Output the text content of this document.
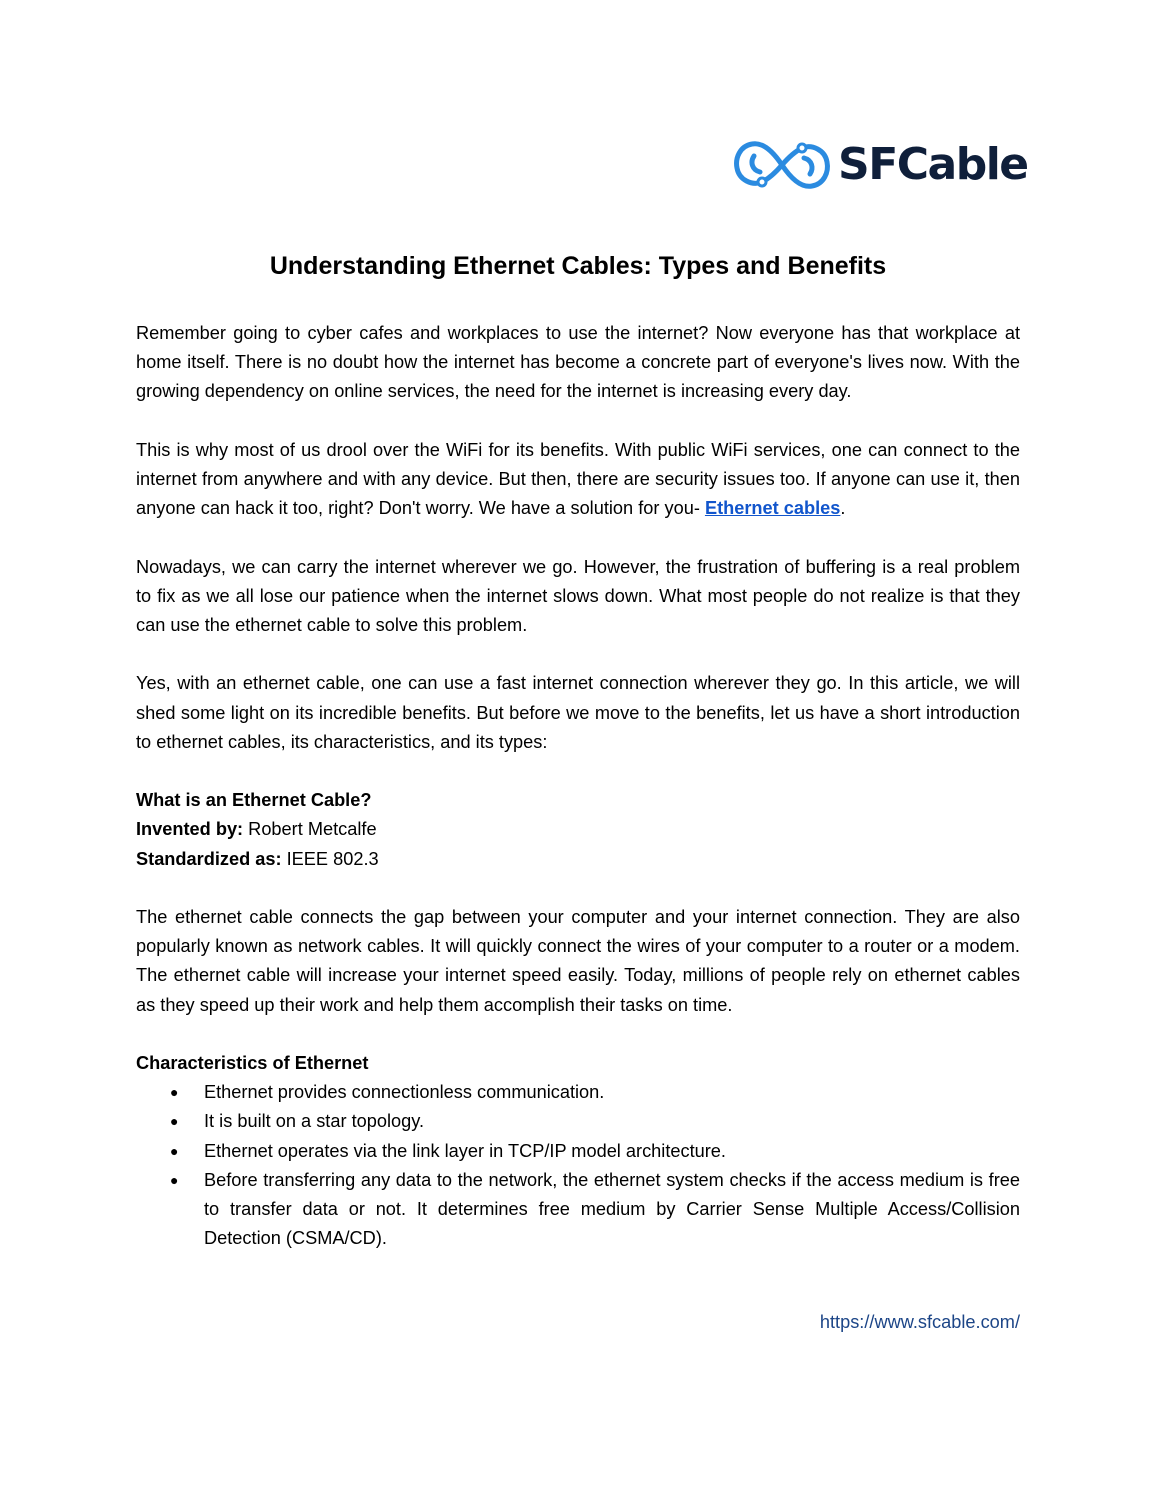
SFCable
Understanding Ethernet Cables: Types and Benefits

Remember going to cyber cafes and workplaces to use the internet? Now everyone has that workplace at home itself. There is no doubt how the internet has become a concrete part of everyone's lives now. With the growing dependency on online services, the need for the internet is increasing every day.

This is why most of us drool over the WiFi for its benefits. With public WiFi services, one can connect to the internet from anywhere and with any device. But then, there are security issues too. If anyone can use it, then anyone can hack it too, right? Don't worry. We have a solution for you- Ethernet cables.

Nowadays, we can carry the internet wherever we go. However, the frustration of buffering is a real problem to fix as we all lose our patience when the internet slows down. What most people do not realize is that they can use the ethernet cable to solve this problem.

Yes, with an ethernet cable, one can use a fast internet connection wherever they go. In this article, we will shed some light on its incredible benefits. But before we move to the benefits, let us have a short introduction to ethernet cables, its characteristics, and its types:

What is an Ethernet Cable?
Invented by: Robert Metcalfe
Standardized as: IEEE 802.3

The ethernet cable connects the gap between your computer and your internet connection. They are also popularly known as network cables. It will quickly connect the wires of your computer to a router or a modem. The ethernet cable will increase your internet speed easily. Today, millions of people rely on ethernet cables as they speed up their work and help them accomplish their tasks on time.

Characteristics of Ethernet
● Ethernet provides connectionless communication.
● It is built on a star topology.
● Ethernet operates via the link layer in TCP/IP model architecture.
● Before transferring any data to the network, the ethernet system checks if the access medium is free to transfer data or not. It determines free medium by Carrier Sense Multiple Access/Collision Detection (CSMA/CD).
https://www.sfcable.com/
